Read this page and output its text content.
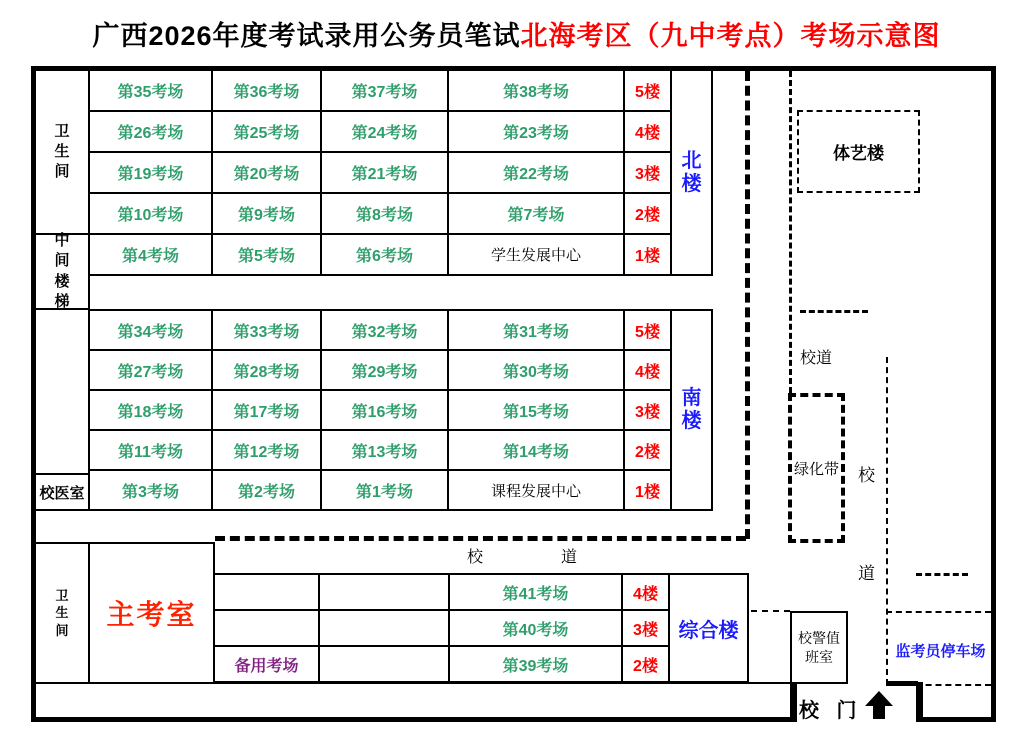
广西2026年度考试录用公务员笔试北海考区（九中考点）考场示意图
卫生间
中间楼梯
校医室
第35考场	第36考场	第37考场	第38考场	5楼	北楼
第26考场	第25考场	第24考场	第23考场	4楼	
第19考场	第20考场	第21考场	第22考场	3楼	
第10考场	第9考场	第8考场	第7考场	2楼	
第4考场	第5考场	第6考场	学生发展中心	1楼	
第34考场	第33考场	第32考场	第31考场	5楼	南楼
第27考场	第28考场	第29考场	第30考场	4楼	
第18考场	第17考场	第16考场	第15考场	3楼	
第11考场	第12考场	第13考场	第14考场	2楼	
第3考场	第2考场	第1考场	课程发展中心	1楼	
卫生间
主考室
校	道
		第41考场	4楼	综合楼
		第40考场	3楼	
备用考场		第39考场	2楼	
体艺楼
校道
绿化带 校
道
监考员停车场
校警值班室
校 门
